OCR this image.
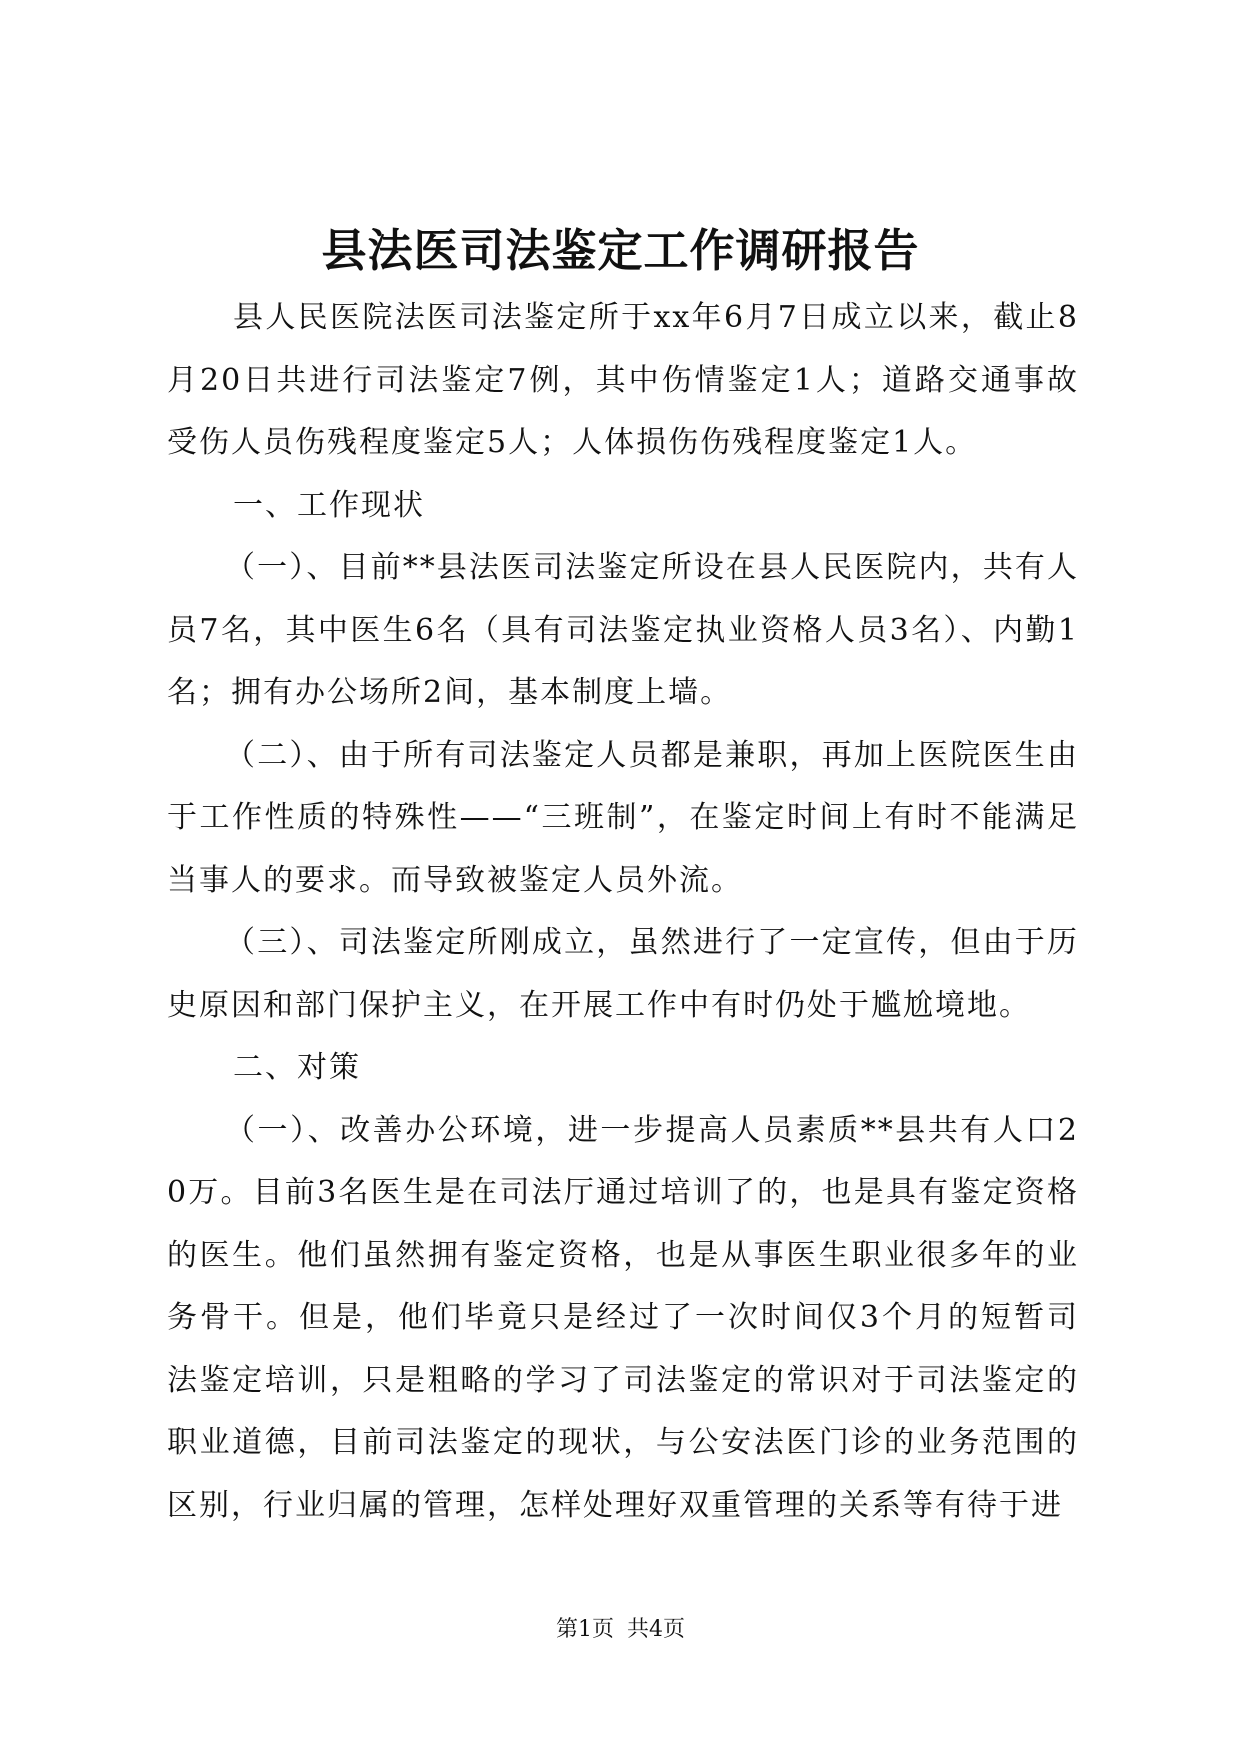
县法医司法鉴定工作调研报告

县人民医院法医司法鉴定所于xx年6月7日成立以来，截止8月20日共进行司法鉴定7例，其中伤情鉴定1人；道路交通事故受伤人员伤残程度鉴定5人；人体损伤伤残程度鉴定1人。

一、工作现状

（一）、目前**县法医司法鉴定所设在县人民医院内，共有人员7名，其中医生6名（具有司法鉴定执业资格人员3名）、内勤1名；拥有办公场所2间，基本制度上墙。

（二）、由于所有司法鉴定人员都是兼职，再加上医院医生由于工作性质的特殊性——“三班制”，在鉴定时间上有时不能满足当事人的要求。而导致被鉴定人员外流。

（三）、司法鉴定所刚成立，虽然进行了一定宣传，但由于历史原因和部门保护主义，在开展工作中有时仍处于尴尬境地。

二、对策

（一）、改善办公环境，进一步提高人员素质**县共有人口20万。目前3名医生是在司法厅通过培训了的，也是具有鉴定资格的医生。他们虽然拥有鉴定资格，也是从事医生职业很多年的业务骨干。但是，他们毕竟只是经过了一次时间仅3个月的短暂司法鉴定培训，只是粗略的学习了司法鉴定的常识对于司法鉴定的职业道德，目前司法鉴定的现状，与公安法医门诊的业务范围的区别，行业归属的管理，怎样处理好双重管理的关系等有待于进

第1页 共4页
